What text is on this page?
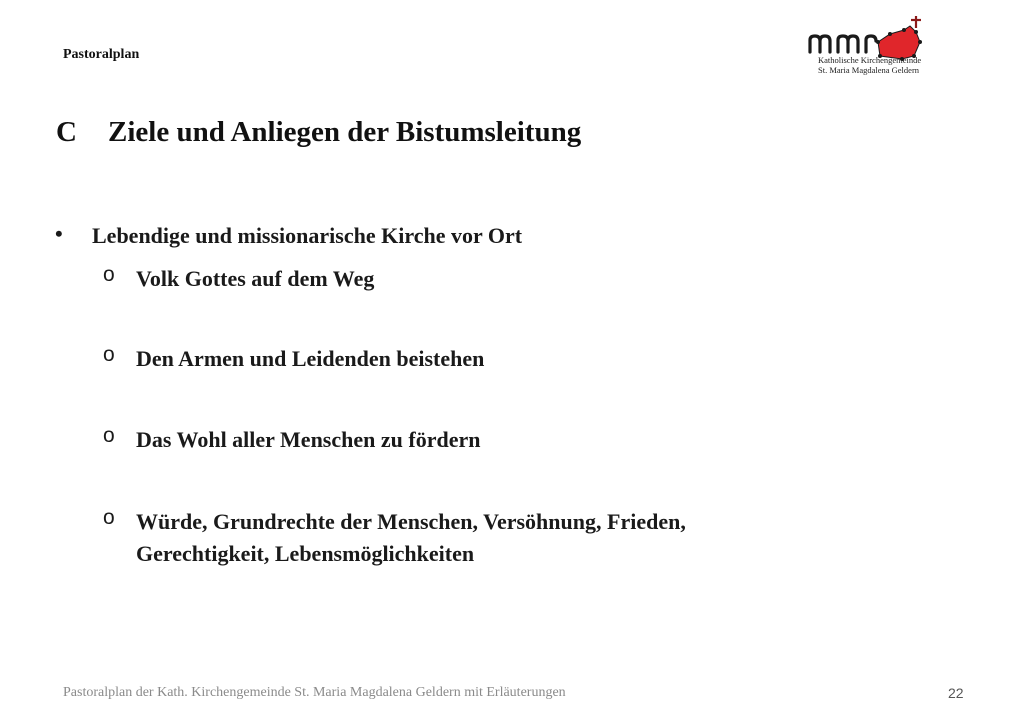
Pastoralplan	Katholische Kirchengemeinde
St. Maria Magdalena Geldern
C Ziele und Anliegen der Bistumsleitung
• Lebendige und missionarische Kirche vor Ort
o Volk Gottes auf dem Weg
o Den Armen und Leidenden beistehen
o Das Wohl aller Menschen zu fördern
o Würde, Grundrechte der Menschen, Versöhnung, Frieden,
Gerechtigkeit, Lebensmöglichkeiten
Pastoralplan der Kath. Kirchengemeinde St. Maria Magdalena Geldern mit Erläuterungen	22
